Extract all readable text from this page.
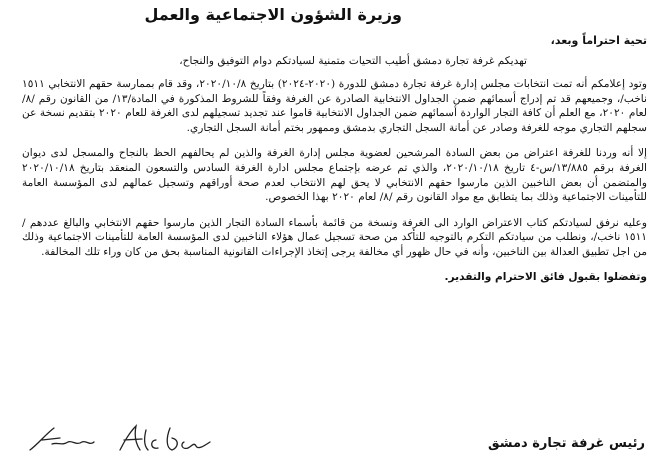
وزيرة الشؤون الاجتماعية والعمل
تحية احتراماً وبعد،
تهديكم غرفة تجارة دمشق أطيب التحيات متمنية لسيادتكم دوام التوفيق والنجاح،
وتود إعلامكم أنه تمت انتخابات مجلس إدارة غرفة تجارة دمشق للدورة (٢٠٢٠-٢٠٢٤) بتاريخ ٢٠٢٠/١٠/٨، وقد قام بممارسة حقهم الانتخابي ١٥١١ ناخب/، وجميعهم قد تم إدراج أسمائهم ضمن الجداول الانتخابية الصادرة عن الغرفة وفقاً للشروط المذكورة في المادة/١٣/ من القانون رقم /٨/ لعام ٢٠٢٠، مع العلم أن كافة التجار الواردة أسمائهم ضمن الجداول الانتخابية قاموا عند تجديد تسجيلهم لدى الغرفة للعام ٢٠٢٠ بتقديم نسخة عن سجلهم التجاري موجه للغرفة وصادر عن أمانة السجل التجاري بدمشق وممهور بختم أمانة السجل التجاري.
إلا أنه وردنا للغرفة اعتراض من بعض السادة المرشحين لعضوية مجلس إدارة الغرفة والذين لم يحالفهم الحظ بالنجاح والمسجل لدى ديوان الغرفة برقم ١٣/٨٨٥/س-٤ تاريخ ٢٠٢٠/١٠/١٨، والذي تم عرضه بإجتماع مجلس ادارة الغرفة السادس والتسعون المنعقد بتاريخ ٢٠٢٠/١٠/١٨ والمتضمن أن بعض الناخبين الذين مارسوا حقهم الانتخابي لا يحق لهم الانتخاب لعدم صحة أوراقهم وتسجيل عمالهم لدى المؤسسة العامة للتأمينات الاجتماعية وذلك بما يتطابق مع مواد القانون رقم /٨/ لعام ٢٠٢٠ بهذا الخصوص.
وعليه نرفق لسيادتكم كتاب الاعتراض الوارد الى الغرفة ونسخة من قائمة بأسماء السادة التجار الذين مارسوا حقهم الانتخابي والبالغ عددهم /١٥١١ ناخب/، ونطلب من سيادتكم التكرم بالتوجيه للتأكد من صحة تسجيل عمال هؤلاء الناخبين لدى المؤسسة العامة للتأمينات الاجتماعية وذلك من اجل تطبيق العدالة بين الناخبين، وأنه في حال ظهور أي مخالفة يرجى إتخاذ الإجراءات القانونية المناسبة بحق من كان وراء تلك المخالفة.
وتفضلوا بقبول فائق الاحترام والتقدير.
رئيس غرفة تجارة دمشق
